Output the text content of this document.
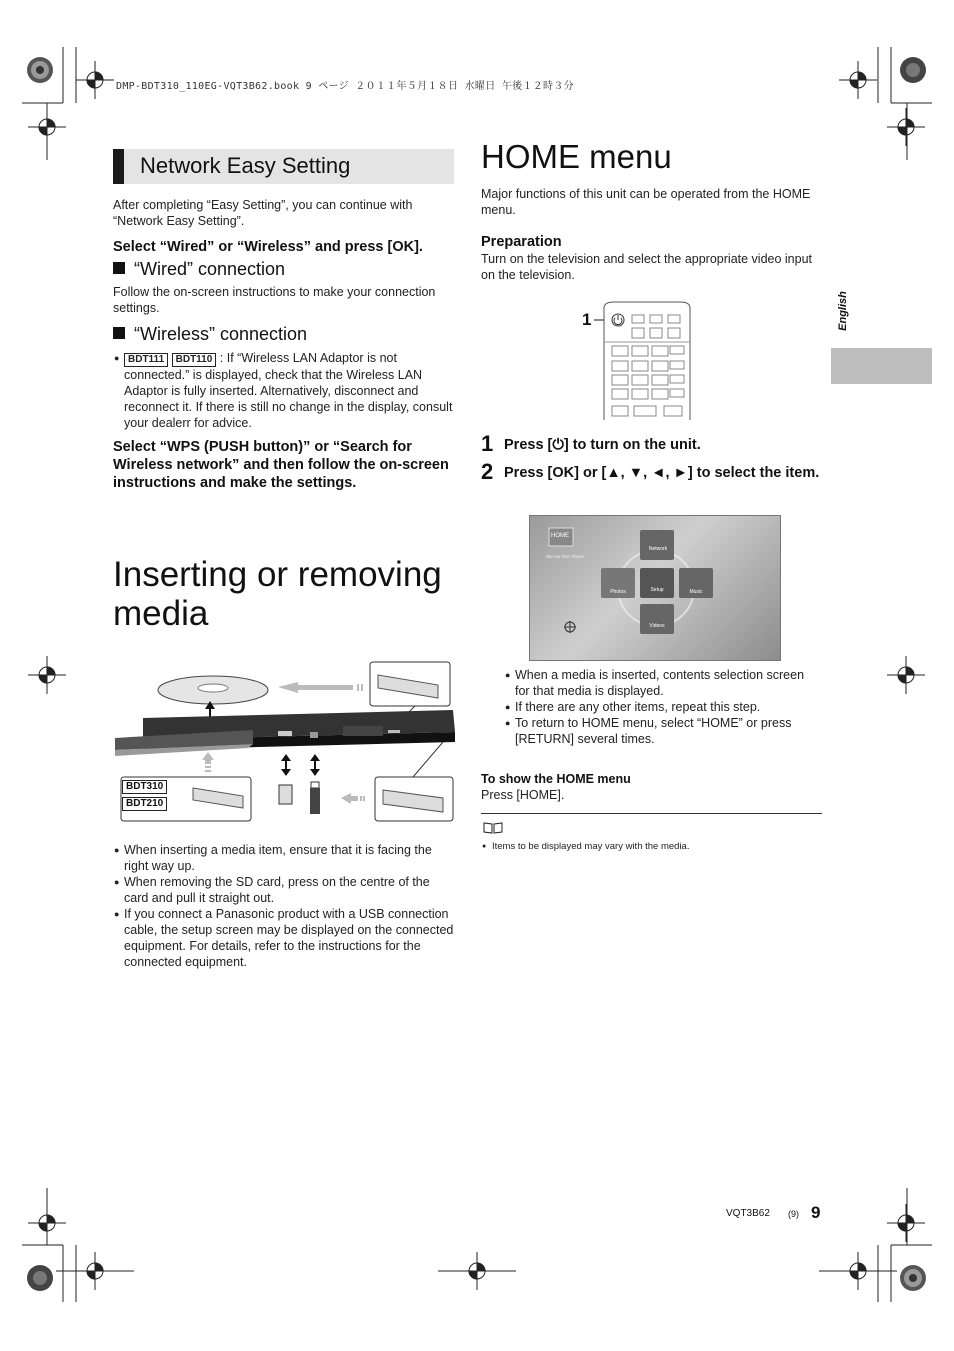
DMP-BDT310_110EG-VQT3B62.book 9 ページ ２０１１年５月１８日 水曜日 午後１２時３分
English
Network Easy Setting
After completing “Easy Setting”, you can continue with “Network Easy Setting”.
Select “Wired” or “Wireless” and press [OK].
“Wired” connection
Follow the on-screen instructions to make your connection settings.
“Wireless” connection
● BDT111 BDT110 : If “Wireless LAN Adaptor is not connected.” is displayed, check that the Wireless LAN Adaptor is fully inserted. Alternatively, disconnect and reconnect it. If there is still no change in the display, consult your dealerr for advice.
Select “WPS (PUSH button)” or “Search for Wireless network” and then follow the on-screen instructions and make the settings.
Inserting or removing
media
BDT310
BDT210
● When inserting a media item, ensure that it is facing the right way up.
● When removing the SD card, press on the centre of the card and pull it straight out.
● If you connect a Panasonic product with a USB connection cable, the setup screen may be displayed on the connected equipment. For details, refer to the instructions for the connected equipment.
HOME menu
Major functions of this unit can be operated from the HOME menu.
Preparation
Turn on the television and select the appropriate video input on the television.
1
1 Press [⏻] to turn on the unit.
2 Press [OK] or [▲, ▼, ◄, ►] to select the item.
HOME
Blu-ray Disc Player
Network
Photos	Setup	Music
Videos
● When a media is inserted, contents selection screen for that media is displayed.
● If there are any other items, repeat this step.
● To return to HOME menu, select “HOME” or press [RETURN] several times.
To show the HOME menu
Press [HOME].
● Items to be displayed may vary with the media.
VQT3B62 (9) 9
